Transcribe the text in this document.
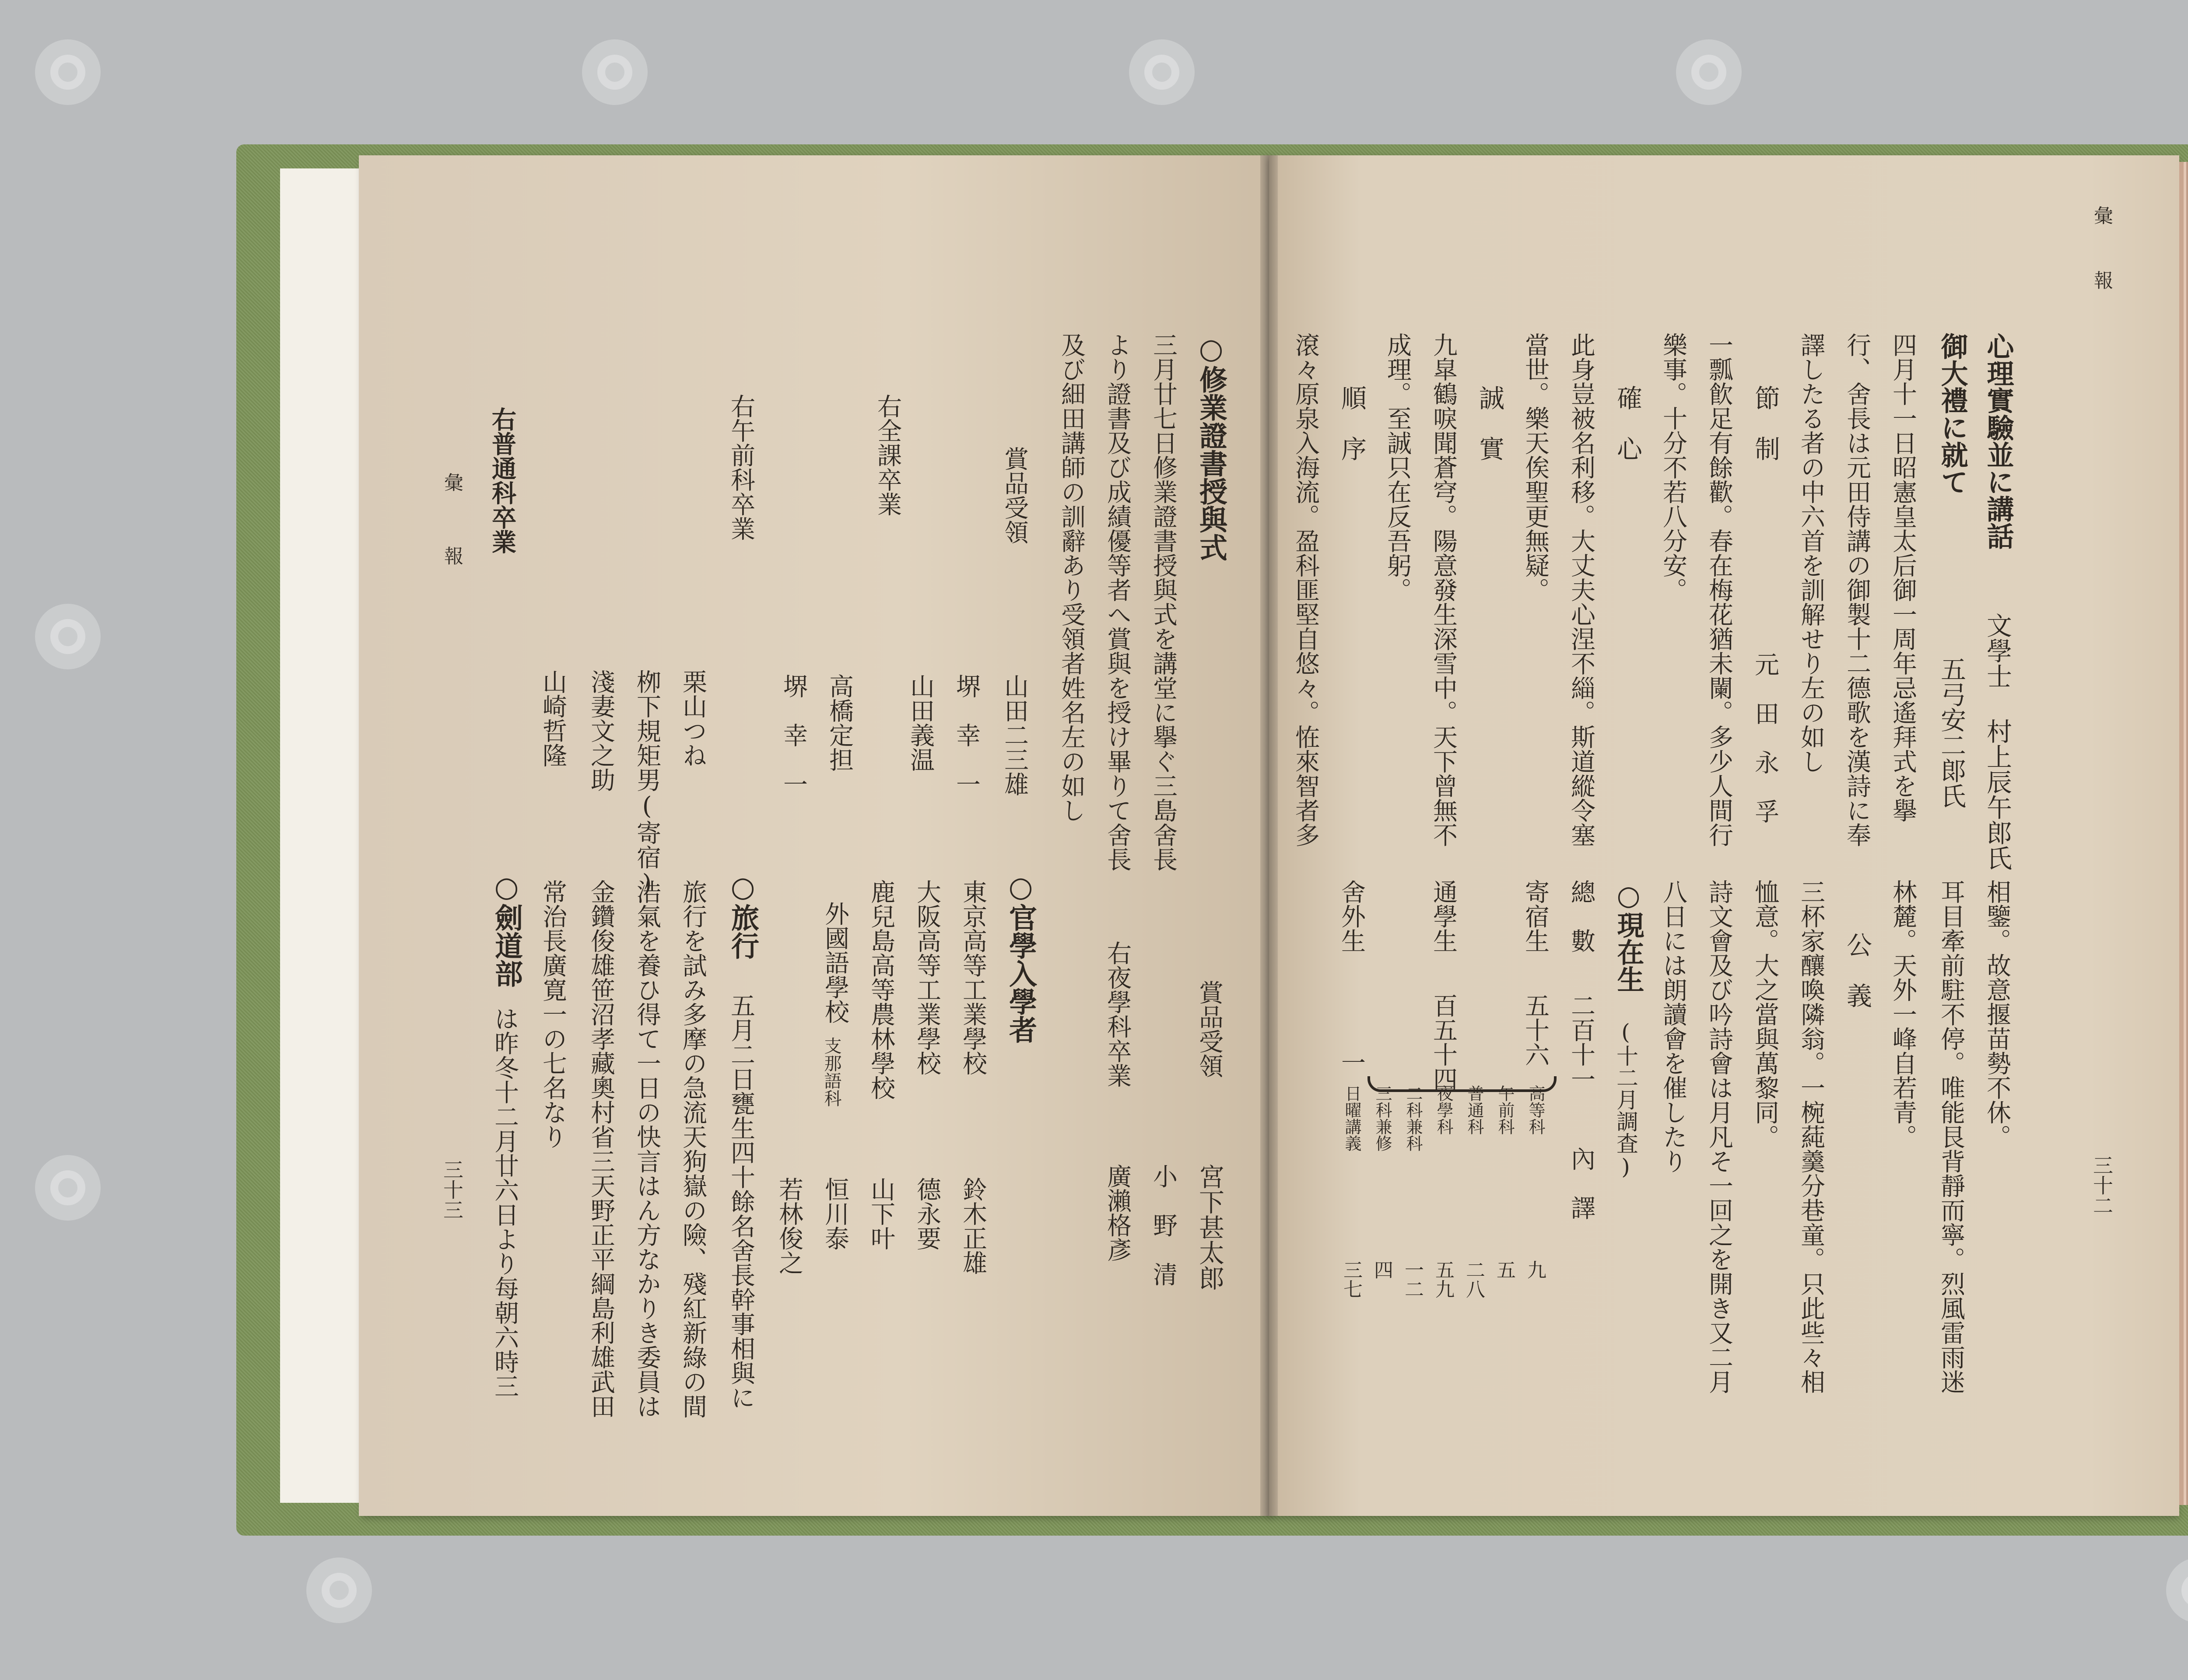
彙　報
三十二
心理實驗並に講話
文學士 村上辰午郎氏
御大禮に就て
五弓安二郞氏
四月十一日昭憲皇太后御一周年忌遙拜式を擧
行、舍長は元田侍講の御製十二德歌を漢詩に奉
譯したる者の中六首を訓解せり左の如し
節　制
元　田　永　孚
一瓢飮足有餘歡。春在梅花猶未闌。多少人間行
樂事。十分不若八分安。
確　心
此身豈被名利移。大丈夫心涅不緇。斯道縱令塞
當世。樂天俟聖更無疑。
誠　實
九皐鶴唳聞蒼穹。陽意發生深雪中。天下曾無不
成理。至誠只在反吾躬。
順　序
滾々原泉入海流。盈科匪堅自悠々。恠來智者多
相鑒。故意揠苗勢不休。
耳目牽前駐不停。唯能艮背靜而寧。烈風雷雨迷
林麓。天外一峰自若青。
公　義
三杯家釀喚隣翁。一椀蒓羹分巷童。只此些々相
恤意。大之當與萬黎同。
詩文會及び吟詩會は月凡そ一回之を開き又二月
八日には朗讀會を催したり
○現在生
(十二月調査)
總　數
二百十一
內　譯
寄宿生
五十六
通學生
百五十四
舍外生
一
高等科
九
午前科
五
普通科
二八
夜學科
五九
二科兼科
一二
三科兼修
四
日曜講義
三七
彙　報
三十三
○修業證書授與式
三月廿七日修業證書授與式を講堂に擧ぐ三島舍長
より證書及び成績優等者へ賞與を授け畢りて舍長
及び細田講師の訓辭あり受領者姓名左の如し
賞品受領
山田二三雄
堺　幸　一
右全課卒業
山田義温
高橋定担
堺　幸　一
右午前科卒業
栗山つね
栁下規矩男(寄宿)
淺妻文之助
右普通科卒業
山崎哲隆
賞品受領
宮下甚太郎
右夜學科卒業
小　野　清
廣瀨格彥
○官學入學者
東京高等工業學校
鈴木正雄
大阪高等工業學校
德永要
鹿兒島高等農林學校
山下叶
外國語學校
支那語科
恒川泰
若林俊之
○旅行
五月二日甕生四十餘名舍長幹事相與に
旅行を試み多摩の急流天狗嶽の險、殘紅新綠の間
浩氣を養ひ得て一日の快言はん方なかりき委員は
金鑽俊雄笹沼孝藏奧村省三天野正平綱島利雄武田
常治長廣寛一の七名なり
○劍道部
は昨冬十二月廿六日より每朝六時三
